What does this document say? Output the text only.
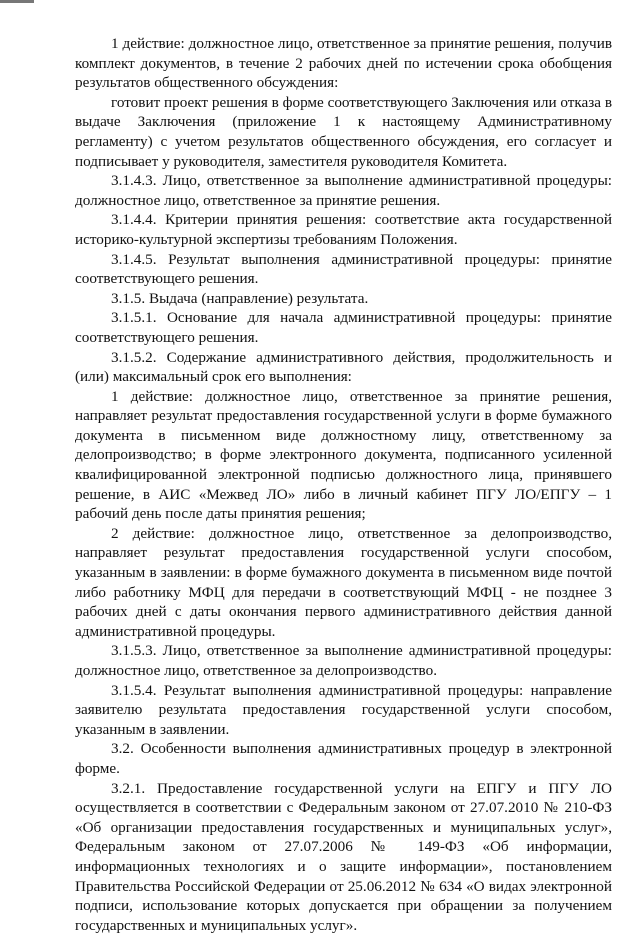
1 действие: должностное лицо, ответственное за принятие решения, получив комплект документов, в течение 2 рабочих дней по истечении срока обобщения результатов общественного обсуждения:

готовит проект решения в форме соответствующего Заключения или отказа в выдаче Заключения (приложение 1 к настоящему Административному регламенту) с учетом результатов общественного обсуждения, его согласует и подписывает у руководителя, заместителя руководителя Комитета.

3.1.4.3. Лицо, ответственное за выполнение административной процедуры: должностное лицо, ответственное за принятие решения.

3.1.4.4. Критерии принятия решения: соответствие акта государственной историко-культурной экспертизы требованиям Положения.

3.1.4.5. Результат выполнения административной процедуры: принятие соответствующего решения.

3.1.5. Выдача (направление) результата.

3.1.5.1. Основание для начала административной процедуры: принятие соответствующего решения.

3.1.5.2. Содержание административного действия, продолжительность и (или) максимальный срок его выполнения:

1 действие: должностное лицо, ответственное за принятие решения, направляет результат предоставления государственной услуги в форме бумажного документа в письменном виде должностному лицу, ответственному за делопроизводство; в форме электронного документа, подписанного усиленной квалифицированной электронной подписью должностного лица, принявшего решение, в АИС «Межвед ЛО» либо в личный кабинет ПГУ ЛО/ЕПГУ – 1 рабочий день после даты принятия решения;

2 действие: должностное лицо, ответственное за делопроизводство, направляет результат предоставления государственной услуги способом, указанным в заявлении: в форме бумажного документа в письменном виде почтой либо работнику МФЦ для передачи в соответствующий МФЦ - не позднее 3 рабочих дней с даты окончания первого административного действия данной административной процедуры.

3.1.5.3. Лицо, ответственное за выполнение административной процедуры: должностное лицо, ответственное за делопроизводство.

3.1.5.4. Результат выполнения административной процедуры: направление заявителю результата предоставления государственной услуги способом, указанным в заявлении.

3.2. Особенности выполнения административных процедур в электронной форме.

3.2.1. Предоставление государственной услуги на ЕПГУ и ПГУ ЛО осуществляется в соответствии с Федеральным законом от 27.07.2010 № 210-ФЗ «Об организации предоставления государственных и муниципальных услуг», Федеральным законом от 27.07.2006 № 149-ФЗ «Об информации, информационных технологиях и о защите информации», постановлением Правительства Российской Федерации от 25.06.2012 № 634 «О видах электронной подписи, использование которых допускается при обращении за получением государственных и муниципальных услуг».
